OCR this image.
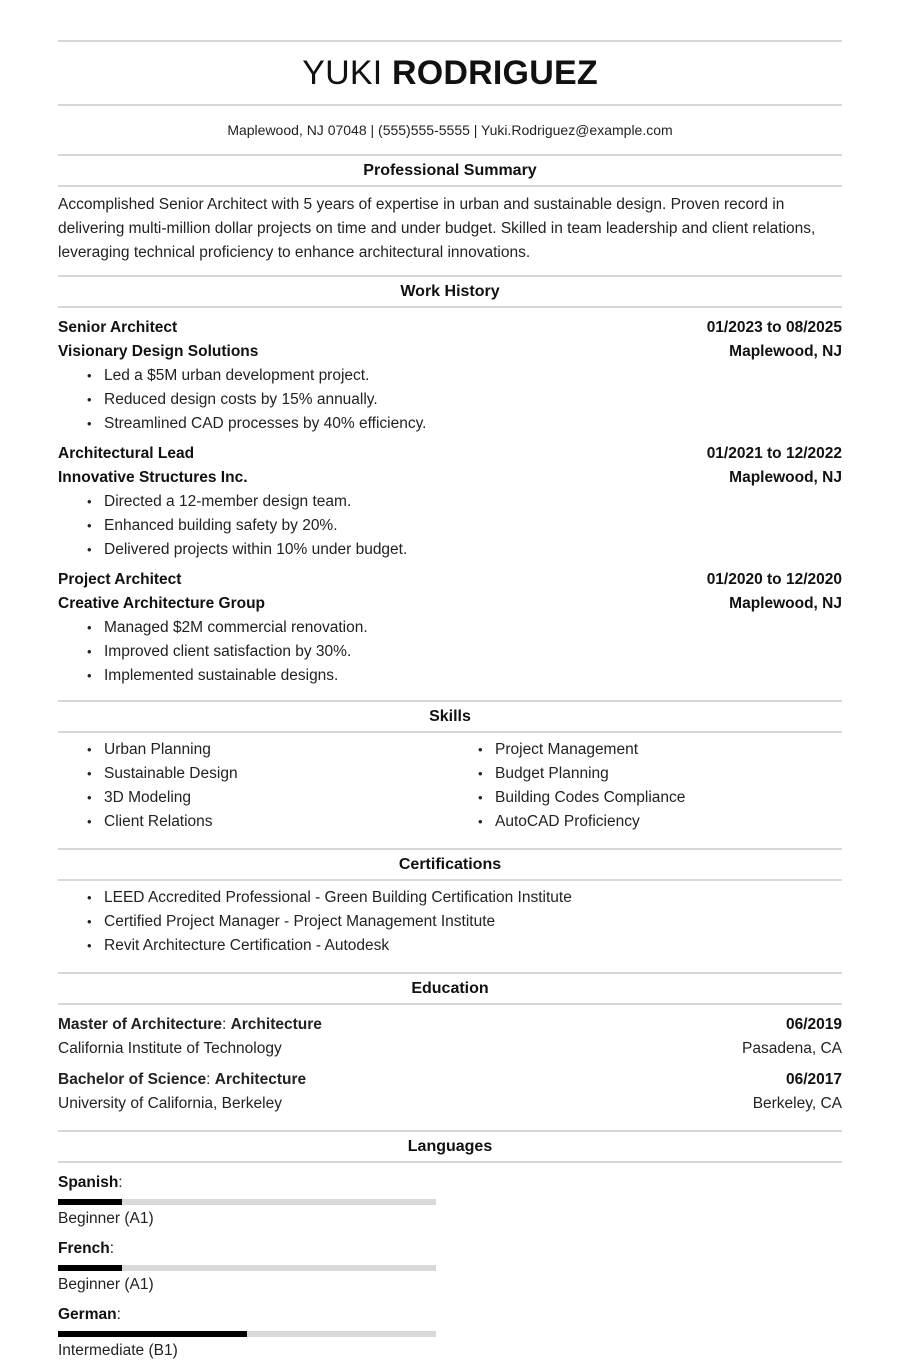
YUKI RODRIGUEZ
Maplewood, NJ 07048 | (555)555-5555 | Yuki.Rodriguez@example.com
Professional Summary
Accomplished Senior Architect with 5 years of expertise in urban and sustainable design. Proven record in delivering multi-million dollar projects on time and under budget. Skilled in team leadership and client relations, leveraging technical proficiency to enhance architectural innovations.
Work History
Senior Architect	01/2023 to 08/2025
Visionary Design Solutions	Maplewood, NJ
• Led a $5M urban development project.
• Reduced design costs by 15% annually.
• Streamlined CAD processes by 40% efficiency.
Architectural Lead	01/2021 to 12/2022
Innovative Structures Inc.	Maplewood, NJ
• Directed a 12-member design team.
• Enhanced building safety by 20%.
• Delivered projects within 10% under budget.
Project Architect	01/2020 to 12/2020
Creative Architecture Group	Maplewood, NJ
• Managed $2M commercial renovation.
• Improved client satisfaction by 30%.
• Implemented sustainable designs.
Skills
• Urban Planning
• Sustainable Design
• 3D Modeling
• Client Relations
• Project Management
• Budget Planning
• Building Codes Compliance
• AutoCAD Proficiency
Certifications
• LEED Accredited Professional - Green Building Certification Institute
• Certified Project Manager - Project Management Institute
• Revit Architecture Certification - Autodesk
Education
Master of Architecture: Architecture	06/2019
California Institute of Technology	Pasadena, CA
Bachelor of Science: Architecture	06/2017
University of California, Berkeley	Berkeley, CA
Languages
Spanish:
Beginner (A1)
French:
Beginner (A1)
German:
Intermediate (B1)
